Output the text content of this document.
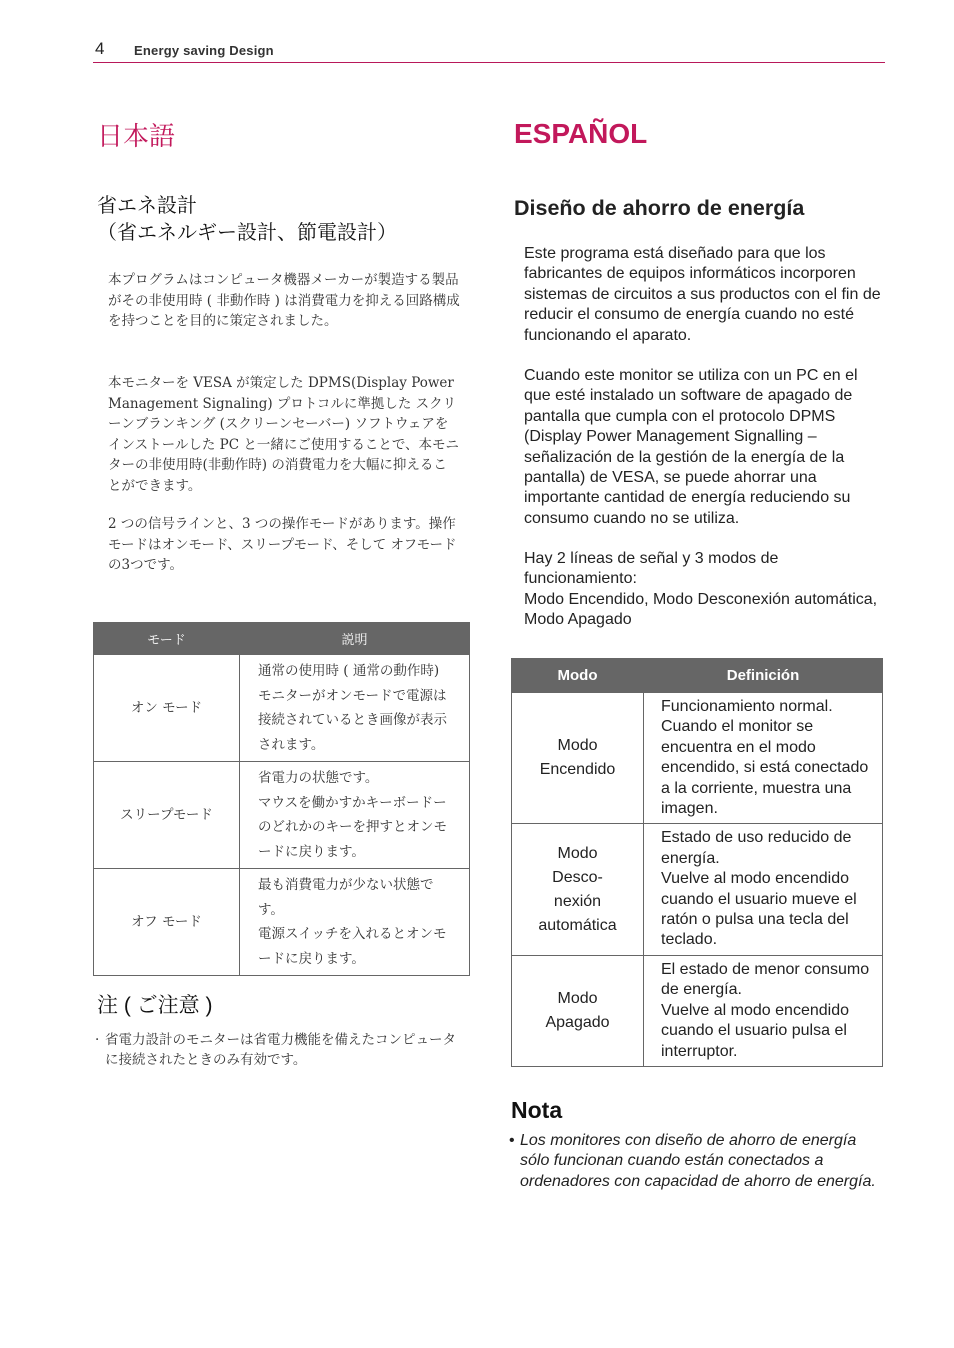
4 Energy saving Design
日本語
省エネ設計
（省エネルギー設計、節電設計）

本プログラムはコンピュータ機器メーカーが製造する製品がその非使用時 ( 非動作時 ) は消費電力を抑える回路構成を持つことを目的に策定されました。

本モニターを VESA が策定した DPMS(Display Power Management Signaling) プロトコルに準拠した スクリーンブランキング (スクリーンセーバー) ソフトウェアをインストールした PC と一緒にご使用することで、本モニターの非使用時(非動作時) の消費電力を大幅に抑えることができます。

2 つの信号ラインと、3 つの操作モードがあります。操作モードはオンモード、スリープモード、そして オフモードの3つです。

モード	説明
オン モード	通常の使用時 ( 通常の動作時)
モニターがオンモードで電源は接続されているとき画像が表示されます。
スリープモード	省電力の状態です。
マウスを働かすかキーボードーのどれかのキーを押すとオンモードに戻ります。
オフ モード	最も消費電力が少ない状態です。
電源スイッチを入れるとオンモードに戻ります。
注 ( ご注意 )
· 省電力設計のモニターは省電力機能を備えたコンピュータに接続されたときのみ有効です。
ESPAÑOL
Diseño de ahorro de energía

Este programa está diseñado para que los fabricantes de equipos informáticos incorporen sistemas de circuitos a sus productos con el fin de reducir el consumo de energía cuando no esté funcionando el aparato.

Cuando este monitor se utiliza con un PC en el que esté instalado un software de apagado de pantalla que cumpla con el protocolo DPMS (Display Power Management Signalling – señalización de la gestión de la energía de la pantalla) de VESA, se puede ahorrar una importante cantidad de energía reduciendo su consumo cuando no se utiliza.

Hay 2 líneas de señal y 3 modos de funcionamiento:
Modo Encendido, Modo Desconexión automática, Modo Apagado

Modo	Definición
Modo
Encendido	Funcionamiento normal.
Cuando el monitor se encuentra en el modo encendido, si está conectado a la corriente, muestra una imagen.
Modo
Desco-
nexión
automática	Estado de uso reducido de energía.
Vuelve al modo encendido cuando el usuario mueve el ratón o pulsa una tecla del teclado.
Modo
Apagado	El estado de menor consumo de energía.
Vuelve al modo encendido cuando el usuario pulsa el interruptor.
Nota
• Los monitores con diseño de ahorro de energía sólo funcionan cuando están conectados a ordenadores con capacidad de ahorro de energía.
